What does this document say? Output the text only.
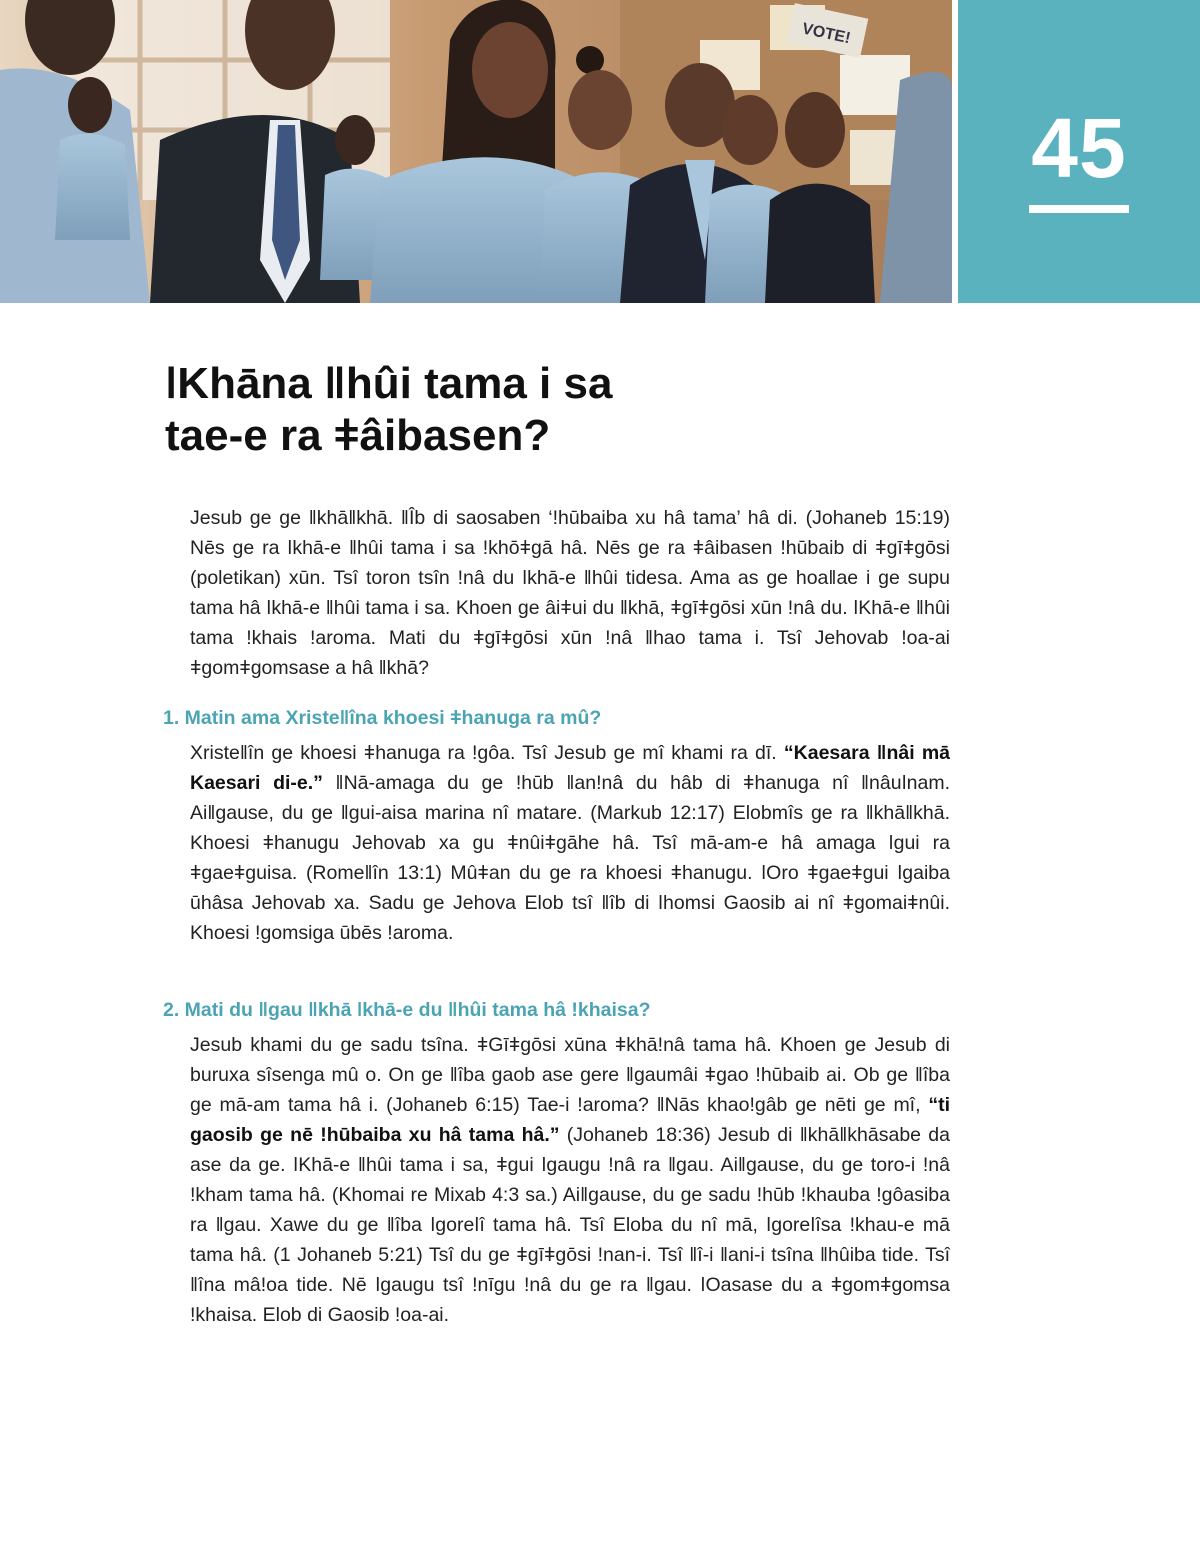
VOTE!
45
ǀKhāna ǁhûi tama i sa
tae-e ra ǂâibasen?

Jesub ge ge ǁkhāǁkhā. ǁÎb di saosaben ‘ǃhūbaiba xu hâ tama’ hâ di. (Johaneb 15:19) Nēs ge ra ǀkhā-e ǁhûi tama i sa ǃkhōǂgā hâ. Nēs ge ra ǂâibasen ǃhūbaib di ǂgīǂgōsi (poletikan) xūn. Tsî toron tsîn ǃnâ du ǀkhā-e ǁhûi tidesa. Ama as ge hoaǁae i ge supu tama hâ ǀkhā-e ǁhûi tama i sa. Khoen ge âiǂui du ǁkhā, ǂgīǂgōsi xūn ǃnâ du. ǀKhā-e ǁhûi tama ǃkhais ǃaroma. Mati du ǂgīǂgōsi xūn ǃnâ ǁhao tama i. Tsî Jehovab ǃoa-ai ǂgomǂgomsase a hâ ǁkhā?

1. Matin ama Xristeǁîna khoesi ǂhanuga ra mû?

Xristeǁîn ge khoesi ǂhanuga ra ǃgôa. Tsî Jesub ge mî khami ra dī. “Kaesara ǁnâi mā Kaesari di-e.” ǁNā-amaga du ge ǃhūb ǁanǃnâ du hâb di ǂhanuga nî ǁnâuǀnam. Aiǁgause, du ge ǁgui-aisa marina nî matare. (Markub 12:17) Elobmîs ge ra ǁkhāǁkhā. Khoesi ǂhanugu Jehovab xa gu ǂnûiǂgāhe hâ. Tsî mā-am-e hâ amaga ǀgui ra ǂgaeǂguisa. (Romeǁîn 13:1) Mûǂan du ge ra khoesi ǂhanugu. ǀOro ǂgaeǂgui ǀgaiba ūhâsa Jehovab xa. Sadu ge Jehova Elob tsî ǁîb di ǀhomsi Gaosib ai nî ǂgomaiǂnûi. Khoesi ǃgomsiga ūbēs ǃaroma.

2. Mati du ǁgau ǁkhā ǀkhā-e du ǁhûi tama hâ ǃkhaisa?

Jesub khami du ge sadu tsîna. ǂGīǂgōsi xūna ǂkhāǃnâ tama hâ. Khoen ge Jesub di buruxa sîsenga mû o. On ge ǁîba gaob ase gere ǁgaumâi ǂgao ǃhūbaib ai. Ob ge ǁîba ge mā-am tama hâ i. (Johaneb 6:15) Tae-i ǃaroma? ǁNās khaoǃgâb ge nēti ge mî, “ti gaosib ge nē ǃhūbaiba xu hâ tama hâ.” (Johaneb 18:36) Jesub di ǁkhāǁkhāsabe da ase da ge. ǀKhā-e ǁhûi tama i sa, ǂgui ǀgaugu ǃnâ ra ǁgau. Aiǁgause, du ge toro-i ǃnâ ǃkham tama hâ. (Khomai re Mixab 4:3 sa.) Aiǁgause, du ge sadu ǃhūb ǃkhauba ǃgôasiba ra ǁgau. Xawe du ge ǁîba ǀgoreǀî tama hâ. Tsî Eloba du nî mā, ǀgoreǀîsa ǃkhau-e mā tama hâ. (1 Johaneb 5:21) Tsî du ge ǂgīǂgōsi ǃnan-i. Tsî ǁî-i ǁani-i tsîna ǁhûiba tide. Tsî ǁîna mâǃoa tide. Nē ǀgaugu tsî ǃnīgu ǃnâ du ge ra ǁgau. ǀOasase du a ǂgomǂgomsa ǃkhaisa. Elob di Gaosib ǃoa-ai.
